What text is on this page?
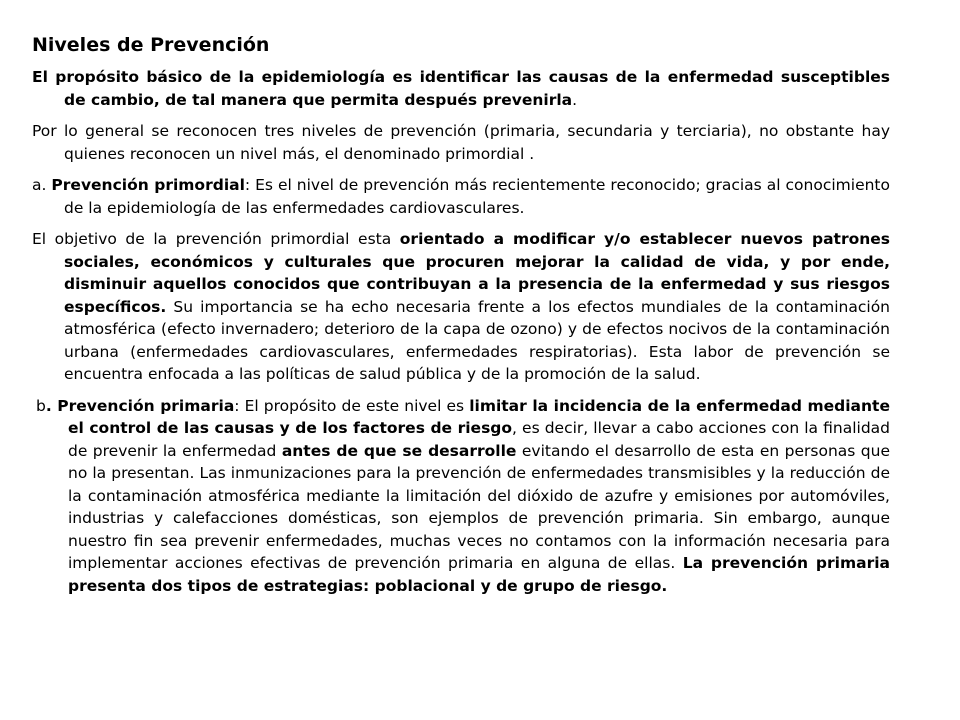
Niveles de Prevención

El propósito básico de la epidemiología es identificar las causas de la enfermedad susceptibles de cambio, de tal manera que permita después prevenirla.

Por lo general se reconocen tres niveles de prevención (primaria, secundaria y terciaria), no obstante hay quienes reconocen un nivel más, el denominado primordial .

a. Prevención primordial: Es el nivel de prevención más recientemente reconocido; gracias al conocimiento de la epidemiología de las enfermedades cardiovasculares.

El objetivo de la prevención primordial esta orientado a modificar y/o establecer nuevos patrones sociales, económicos y culturales que procuren mejorar la calidad de vida, y por ende, disminuir aquellos conocidos que contribuyan a la presencia de la enfermedad y sus riesgos específicos. Su importancia se ha echo necesaria frente a los efectos mundiales de la contaminación atmosférica (efecto invernadero; deterioro de la capa de ozono) y de efectos nocivos de la contaminación urbana (enfermedades cardiovasculares, enfermedades respiratorias). Esta labor de prevención se encuentra enfocada a las políticas de salud pública y de la promoción de la salud.

b. Prevención primaria: El propósito de este nivel es limitar la incidencia de la enfermedad mediante el control de las causas y de los factores de riesgo, es decir, llevar a cabo acciones con la finalidad de prevenir la enfermedad antes de que se desarrolle evitando el desarrollo de esta en personas que no la presentan. Las inmunizaciones para la prevención de enfermedades transmisibles y la reducción de la contaminación atmosférica mediante la limitación del dióxido de azufre y emisiones por automóviles, industrias y calefacciones domésticas, son ejemplos de prevención primaria. Sin embargo, aunque nuestro fin sea prevenir enfermedades, muchas veces no contamos con la información necesaria para implementar acciones efectivas de prevención primaria en alguna de ellas. La prevención primaria presenta dos tipos de estrategias: poblacional y de grupo de riesgo.
